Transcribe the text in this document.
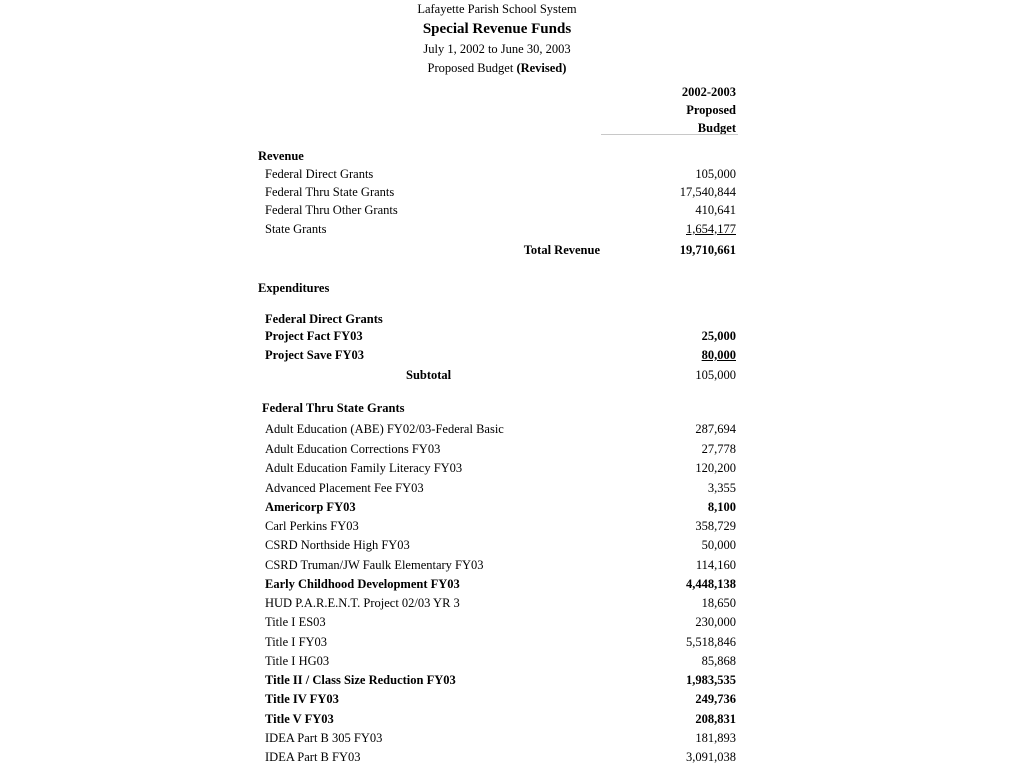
Lafayette Parish School System
Special Revenue Funds
July 1, 2002 to June 30, 2003
Proposed Budget (Revised)
2002-2003
Proposed
Budget
Revenue
Federal Direct Grants	105,000
Federal Thru State Grants	17,540,844
Federal Thru Other Grants	410,641
State Grants	1,654,177
Total Revenue	19,710,661
Expenditures
Federal Direct Grants
Project Fact FY03	25,000
Project Save FY03	80,000
Subtotal	105,000
Federal Thru State Grants
Adult Education (ABE) FY02/03-Federal Basic	287,694
Adult Education Corrections FY03	27,778
Adult Education Family Literacy FY03	120,200
Advanced Placement Fee FY03	3,355
Americorp FY03	8,100
Carl Perkins FY03	358,729
CSRD Northside High FY03	50,000
CSRD Truman/JW Faulk Elementary FY03	114,160
Early Childhood Development FY03	4,448,138
HUD P.A.R.E.N.T. Project 02/03 YR 3	18,650
Title I ES03	230,000
Title I FY03	5,518,846
Title I HG03	85,868
Title II / Class Size Reduction FY03	1,983,535
Title IV FY03	249,736
Title V FY03	208,831
IDEA Part B 305 FY03	181,893
IDEA Part B FY03	3,091,038
